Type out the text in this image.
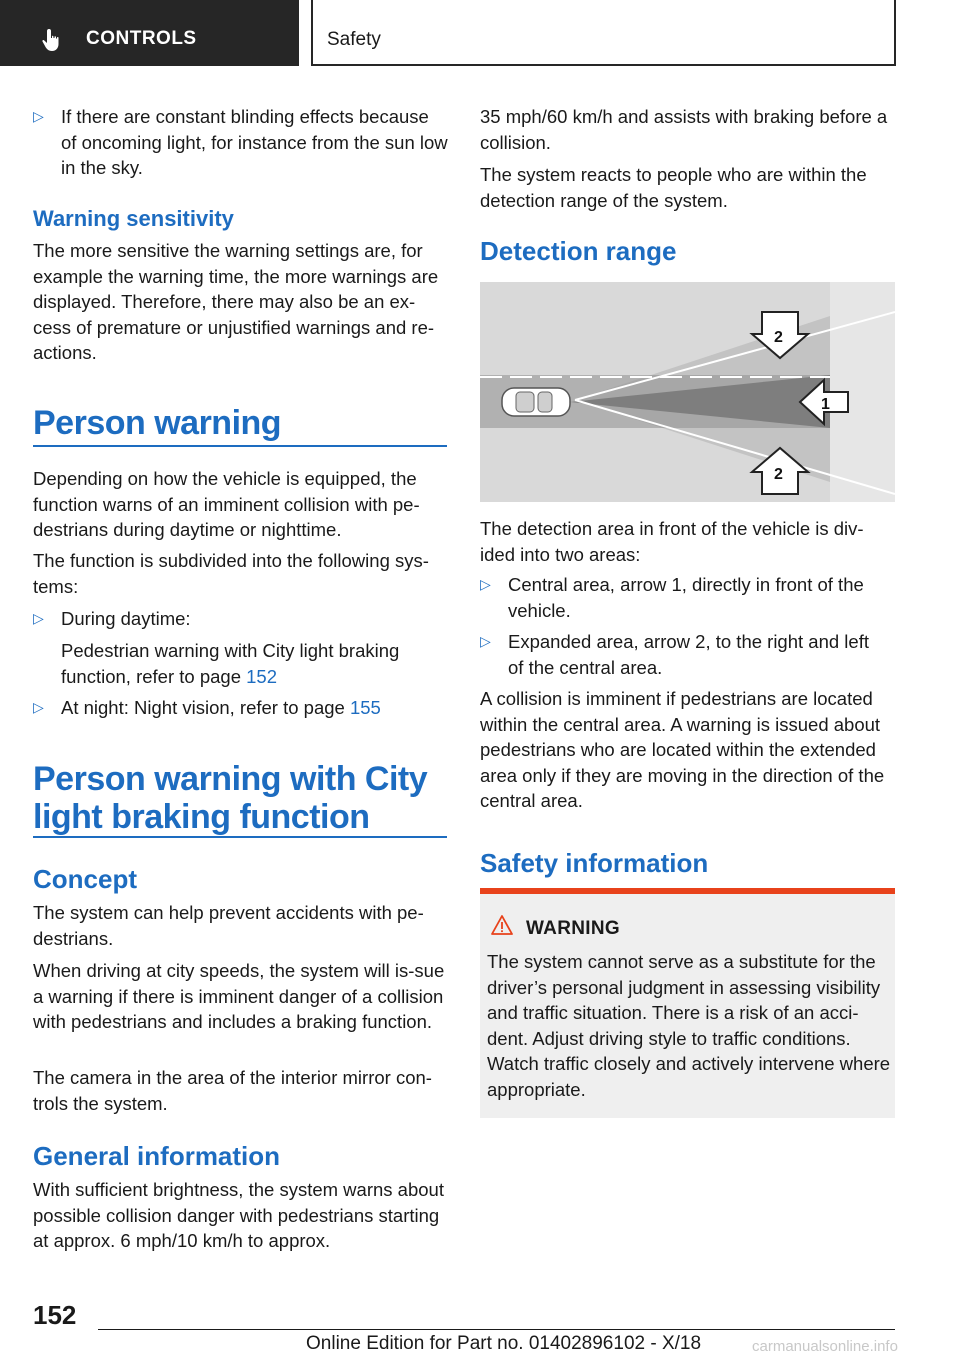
CONTROLS	Safety
▷ If there are constant blinding effects because of oncoming light, for instance from the sun low in the sky.
Warning sensitivity

The more sensitive the warning settings are, for example the warning time, the more warnings are displayed. Therefore, there may also be an ex-cess of premature or unjustified warnings and re-actions.

Person warning

Depending on how the vehicle is equipped, the function warns of an imminent collision with pe-destrians during daytime or nighttime.

The function is subdivided into the following sys-tems:

▷ During daytime:

Pedestrian warning with City light braking function, refer to page 152

▷ At night: Night vision, refer to page 155
Person warning with City
light braking function
Concept

The system can help prevent accidents with pe-destrians.

When driving at city speeds, the system will is-sue a warning if there is imminent danger of a collision with pedestrians and includes a braking function.

The camera in the area of the interior mirror con-trols the system.

General information

With sufficient brightness, the system warns about possible collision danger with pedestrians starting at approx. 6 mph/10 km/h to approx.

35 mph/60 km/h and assists with braking before a collision.

The system reacts to people who are within the detection range of the system.

Detection range
1
2
2

The detection area in front of the vehicle is div-ided into two areas:

▷ Central area, arrow 1, directly in front of the vehicle.
▷ Expanded area, arrow 2, to the right and left of the central area.

A collision is imminent if pedestrians are located within the central area. A warning is issued about pedestrians who are located within the extended area only if they are moving in the direction of the central area.

Safety information
WARNING

The system cannot serve as a substitute for the driver’s personal judgment in assessing visibility and traffic situation. There is a risk of an acci-dent. Adjust driving style to traffic conditions. Watch traffic closely and actively intervene where appropriate.

152
Online Edition for Part no. 01402896102 - X/18	carmanualsonline.info
